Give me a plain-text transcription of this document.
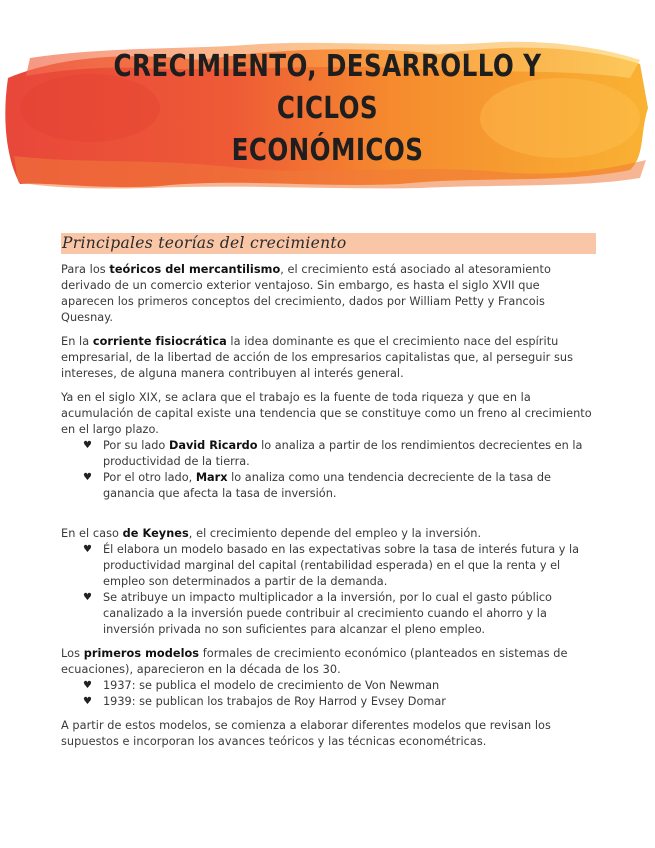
CRECIMIENTO, DESARROLLO Y CICLOS
ECONÓMICOS
Principales teorías del crecimiento

Para los teóricos del mercantilismo, el crecimiento está asociado al atesoramiento derivado de un comercio exterior ventajoso. Sin embargo, es hasta el siglo XVII que aparecen los primeros conceptos del crecimiento, dados por William Petty y Francois Quesnay.

En la corriente fisiocrática la idea dominante es que el crecimiento nace del espíritu empresarial, de la libertad de acción de los empresarios capitalistas que, al perseguir sus intereses, de alguna manera contribuyen al interés general.

Ya en el siglo XIX, se aclara que el trabajo es la fuente de toda riqueza y que en la acumulación de capital existe una tendencia que se constituye como un freno al crecimiento en el largo plazo.

♥ Por su lado David Ricardo lo analiza a partir de los rendimientos decrecientes en la productividad de la tierra.
♥ Por el otro lado, Marx lo analiza como una tendencia decreciente de la tasa de ganancia que afecta la tasa de inversión.

En el caso de Keynes, el crecimiento depende del empleo y la inversión.

♥ Él elabora un modelo basado en las expectativas sobre la tasa de interés futura y la productividad marginal del capital (rentabilidad esperada) en el que la renta y el empleo son determinados a partir de la demanda.
♥ Se atribuye un impacto multiplicador a la inversión, por lo cual el gasto público canalizado a la inversión puede contribuir al crecimiento cuando el ahorro y la inversión privada no son suficientes para alcanzar el pleno empleo.

Los primeros modelos formales de crecimiento económico (planteados en sistemas de ecuaciones), aparecieron en la década de los 30.

♥ 1937: se publica el modelo de crecimiento de Von Newman
♥ 1939: se publican los trabajos de Roy Harrod y Evsey Domar

A partir de estos modelos, se comienza a elaborar diferentes modelos que revisan los supuestos e incorporan los avances teóricos y las técnicas econométricas.
